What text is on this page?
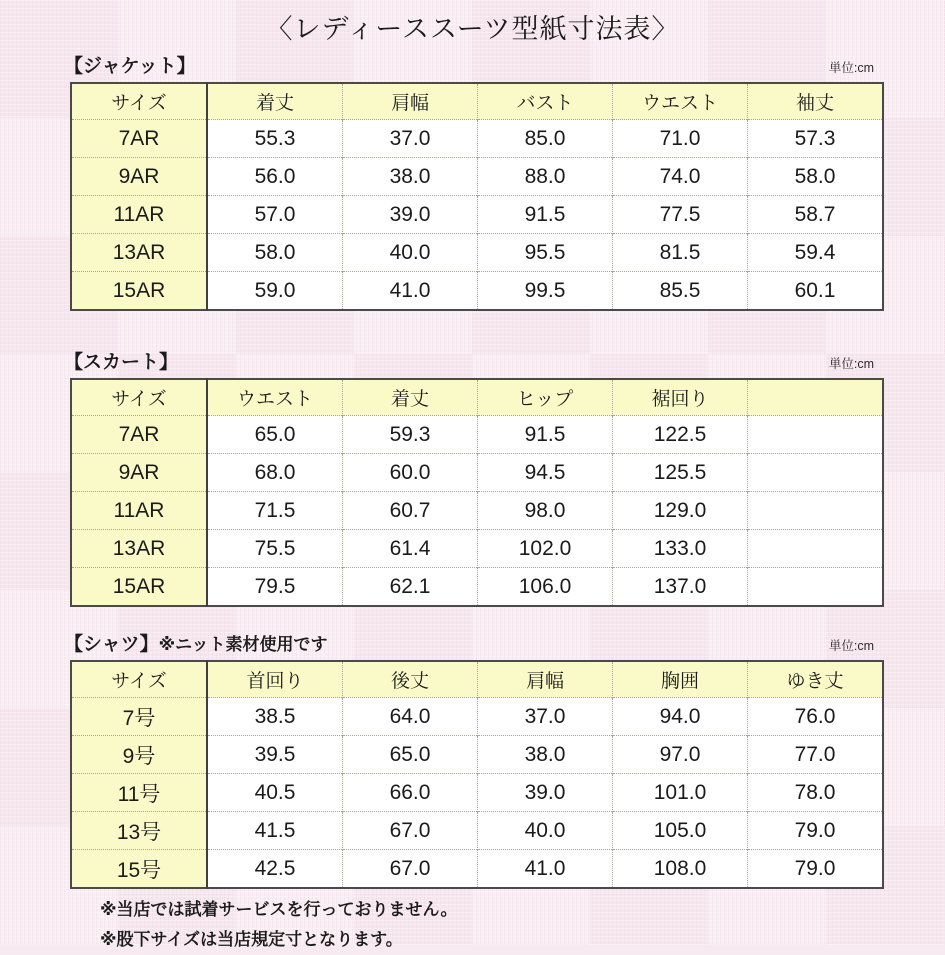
〈レディーススーツ型紙寸法表〉
【ジャケット】	単位:cm
サイズ	着丈	肩幅	バスト	ウエスト	袖丈
7AR	55.3	37.0	85.0	71.0	57.3
9AR	56.0	38.0	88.0	74.0	58.0
11AR	57.0	39.0	91.5	77.5	58.7
13AR	58.0	40.0	95.5	81.5	59.4
15AR	59.0	41.0	99.5	85.5	60.1
【スカート】	単位:cm
サイズ	ウエスト	着丈	ヒップ	裾回り	
7AR	65.0	59.3	91.5	122.5	
9AR	68.0	60.0	94.5	125.5	
11AR	71.5	60.7	98.0	129.0	
13AR	75.5	61.4	102.0	133.0	
15AR	79.5	62.1	106.0	137.0	
【シャツ】 ※ニット素材使用です	単位:cm
サイズ	首回り	後丈	肩幅	胸囲	ゆき丈
7号	38.5	64.0	37.0	94.0	76.0
9号	39.5	65.0	38.0	97.0	77.0
11号	40.5	66.0	39.0	101.0	78.0
13号	41.5	67.0	40.0	105.0	79.0
15号	42.5	67.0	41.0	108.0	79.0

※当店では試着サービスを行っておりません。

※股下サイズは当店規定寸となります。
